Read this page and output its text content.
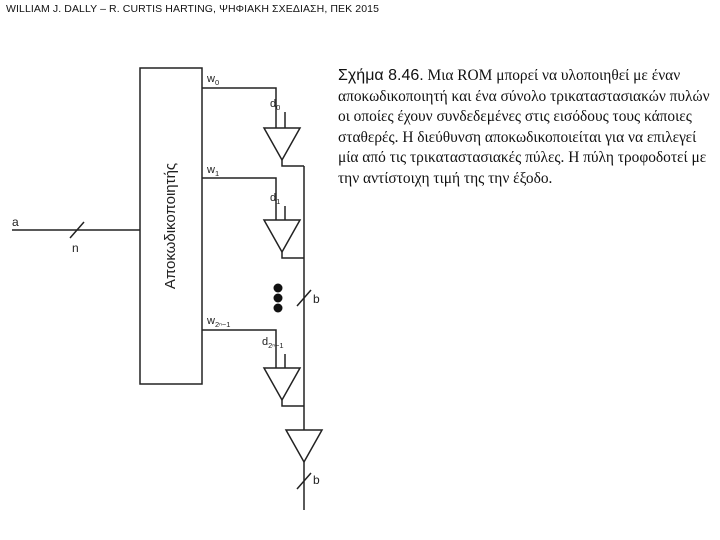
WILLIAM J. DALLY – R. CURTIS HARTING, ΨΗΦΙΑΚΗ ΣΧΕΔΙΑΣΗ, ΠΕΚ 2015
Αποκωδικοποιητής
a
n
$w_0$
$w_1$
$w_{2^n-1}$
$d_0$
$d_1$
$d_{2^n-1}$
b
b
Σχήμα 8.46. Μια ROM μπορεί να υλοποιηθεί με έναν αποκωδικοποιητή και ένα σύνολο τρικαταστασιακών πυλών οι οποίες έχουν συνδεδεμένες στις εισόδους τους κάποιες σταθερές. Η διεύθυνση αποκωδικοποιείται για να επιλεγεί μία από τις τρικαταστασιακές πύλες. Η πύλη τροφοδοτεί με την αντίστοιχη τιμή της την έξοδο.
